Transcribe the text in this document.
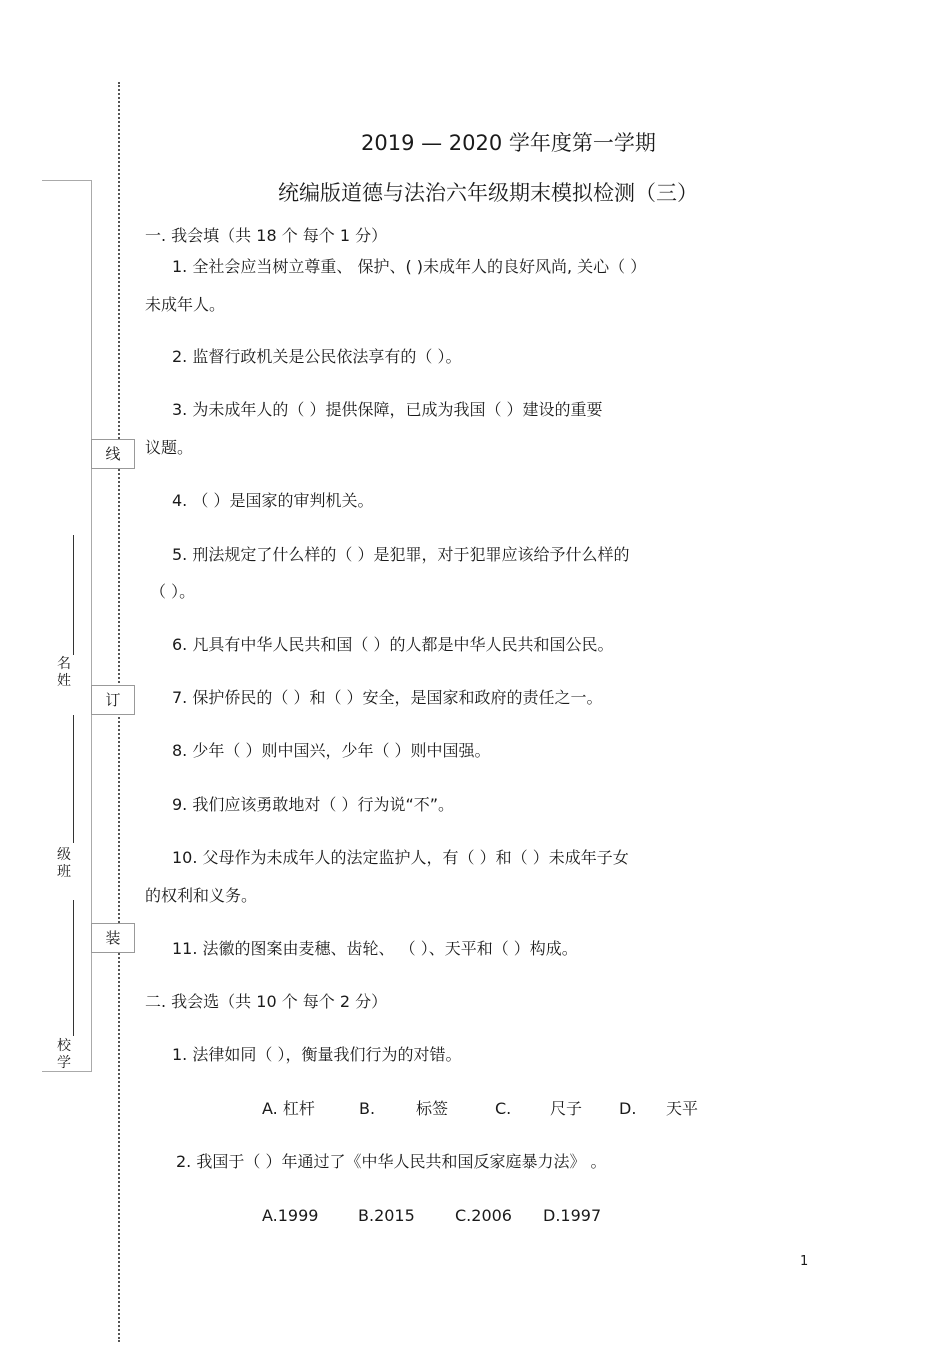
线
订
装
名
姓
级
班
校
学
2019 — 2020 学年度第一学期
统编版道德与法治六年级期末模拟检测（三）
一. 我会填（共 18 个 每个 1 分）
1. 全社会应当树立尊重、 保护、( )未成年人的良好风尚, 关心（ ）
未成年人。
2. 监督行政机关是公民依法享有的（ ）。
3. 为未成年人的（ ）提供保障，已成为我国（ ）建设的重要
议题。
4. （ ）是国家的审判机关。
5. 刑法规定了什么样的（ ）是犯罪，对于犯罪应该给予什么样的
（ ）。
6. 凡具有中华人民共和国（ ）的人都是中华人民共和国公民。
7. 保护侨民的（ ）和（ ）安全，是国家和政府的责任之一。
8. 少年（ ）则中国兴，少年（ ）则中国强。
9. 我们应该勇敢地对（ ）行为说“不”。
10. 父母作为未成年人的法定监护人，有（ ）和（ ）未成年子女
的权利和义务。
11. 法徽的图案由麦穗、齿轮、 （ ）、天平和（ ）构成。
二. 我会选（共 10 个 每个 2 分）
1. 法律如同（ ），衡量我们行为的对错。
A. 杠杆	B.	标签	C. 尺子 D. 天平
2. 我国于（ ）年通过了《中华人民共和国反家庭暴力法》 。
A.1999 B.2015	C.2006 D.1997
1
